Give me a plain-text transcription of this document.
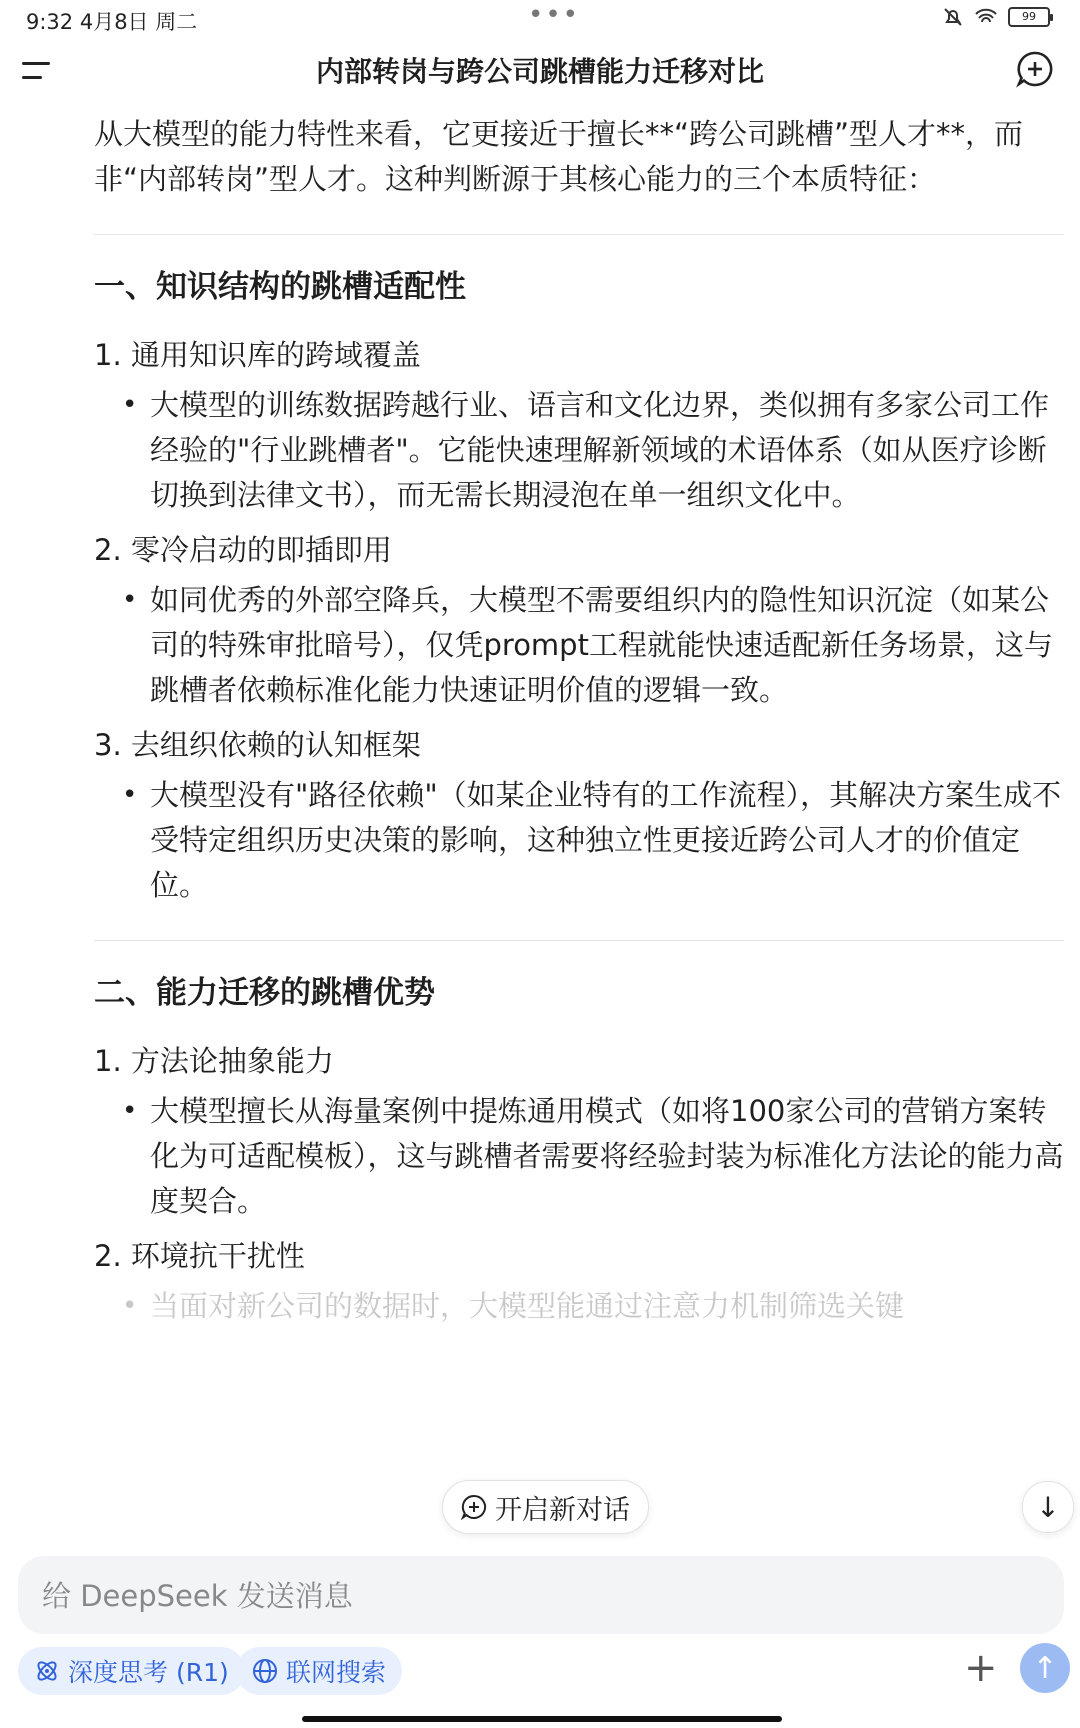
9:32 4月8日 周二	•••	99
内部转岗与跨公司跳槽能力迁移对比

从大模型的能力特性来看，它更接近于擅长**“跨公司跳槽”型人才**，而非“内部转岗”型人才。这种判断源于其核心能力的三个本质特征：

一、知识结构的跳槽适配性
1. 通用知识库的跨域覆盖
• 大模型的训练数据跨越行业、语言和文化边界，类似拥有多家公司工作经验的"行业跳槽者"。它能快速理解新领域的术语体系（如从医疗诊断切换到法律文书），而无需长期浸泡在单一组织文化中。
2. 零冷启动的即插即用
• 如同优秀的外部空降兵，大模型不需要组织内的隐性知识沉淀（如某公司的特殊审批暗号），仅凭prompt工程就能快速适配新任务场景，这与跳槽者依赖标准化能力快速证明价值的逻辑一致。
3. 去组织依赖的认知框架
• 大模型没有"路径依赖"（如某企业特有的工作流程），其解决方案生成不受特定组织历史决策的影响，这种独立性更接近跨公司人才的价值定位。
二、能力迁移的跳槽优势
1. 方法论抽象能力
• 大模型擅长从海量案例中提炼通用模式（如将100家公司的营销方案转化为可适配模板），这与跳槽者需要将经验封装为标准化方法论的能力高度契合。
2. 环境抗干扰性
• 当面对新公司的数据时，大模型能通过注意力机制筛选关键
开启新对话	↓
给 DeepSeek 发送消息
深度思考 (R1) 联网搜索	+ ↑
